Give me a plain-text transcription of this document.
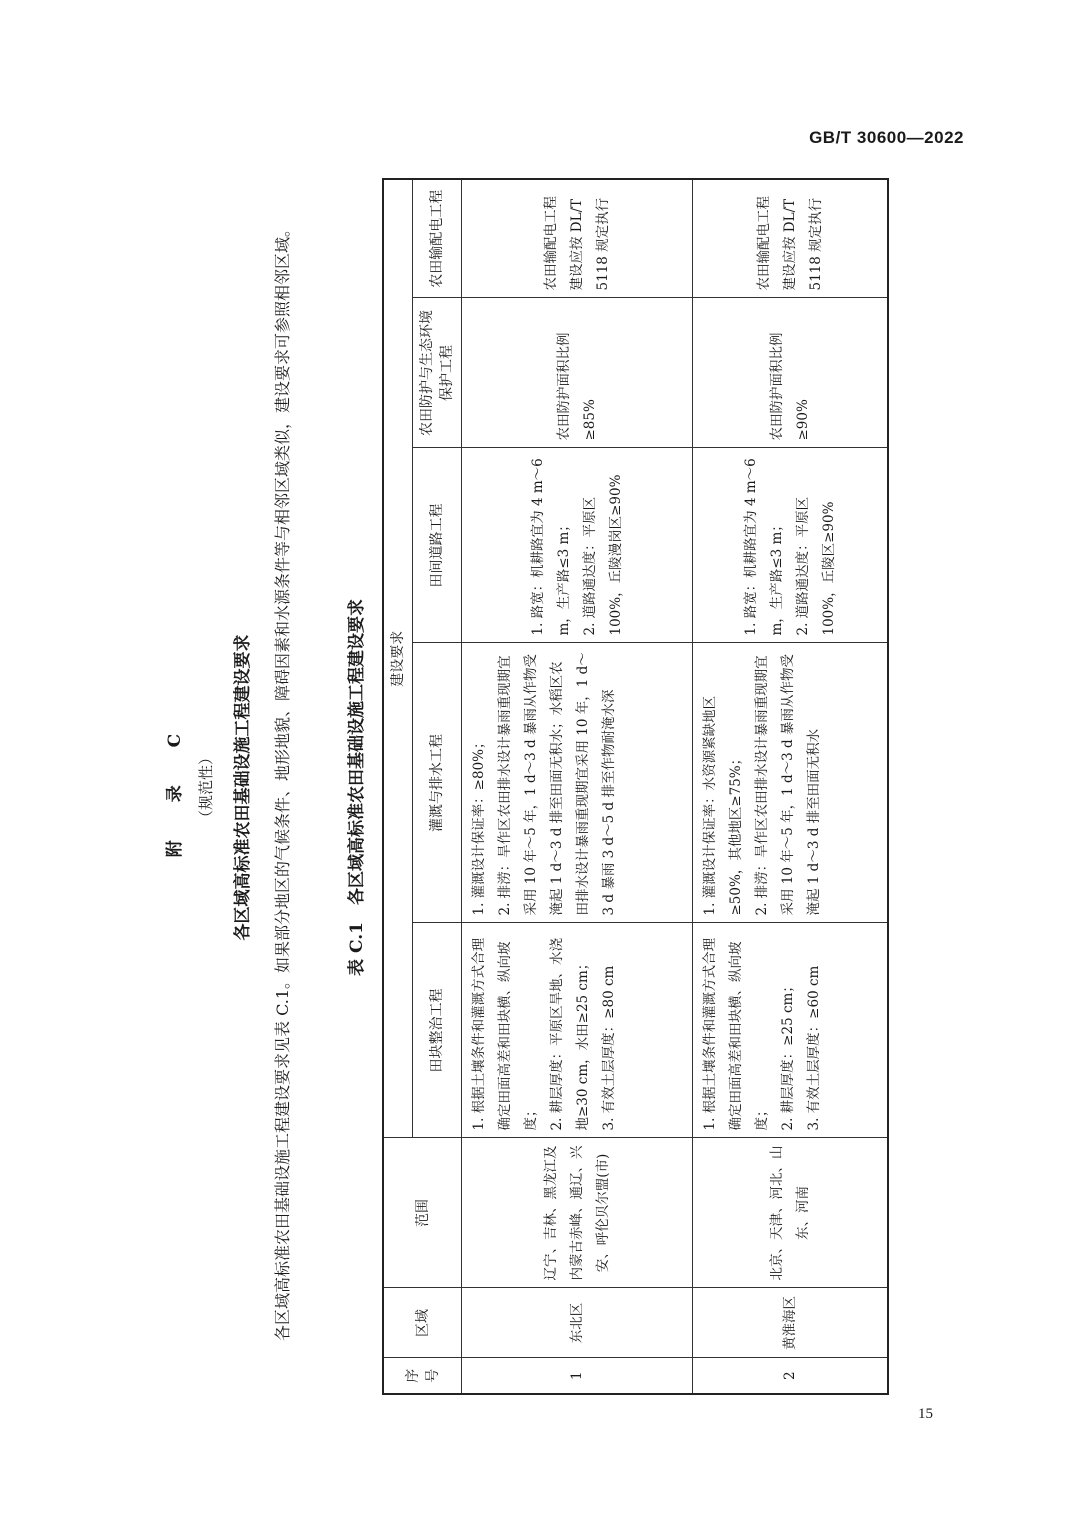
GB/T 30600—2022

各区域高标准农田基础设施工程建设要求见表 C.1。如果部分地区的气候条件、地形地貌、障碍因素和水源条件等与相邻区域类似，建设要求可参照相邻区域。	表 C.1　各区域高标准农田基础设施工程建设要求
序号	区域	范围	建设要求				
			田块整治工程	灌溉与排水工程	田间道路工程	农田防护与生态环境保护工程	农田输配电工程
1	东北区	辽宁、吉林、黑龙江及内蒙古赤峰、通辽、兴安、呼伦贝尔盟(市)	1. 根据土壤条件和灌溉方式合理确定田面高差和田块横、纵向坡度； 2. 耕层厚度：平原区旱地、水浇地≥30 cm，水田≥25 cm； 3. 有效土层厚度：≥80 cm	1. 灌溉设计保证率：≥80%； 2. 排涝：旱作区农田排水设计暴雨重现期宜采用 10 年～5 年，1 d～3 d 暴雨从作物受淹起 1 d～3 d 排至田面无积水；水稻区农田排水设计暴雨重现期宜采用 10 年，1 d～3 d 暴雨 3 d～5 d 排至作物耐淹水深	1. 路宽：机耕路宜为 4 m～6 m，生产路≤3 m； 2. 道路通达度：平原区 100%，丘陵漫岗区≥90%	农田防护面积比例≥85%	农田输配电工程建设应按 DL/T 5118 规定执行

2	黄淮海区	北京、天津、河北、山东、河南	1. 根据土壤条件和灌溉方式合理确定田面高差和田块横、纵向坡度； 2. 耕层厚度：≥25 cm； 3. 有效土层厚度：≥60 cm	1. 灌溉设计保证率：水资源紧缺地区≥50%，其他地区≥75%； 2. 排涝：旱作区农田排水设计暴雨重现期宜采用 10 年～5 年，1 d～3 d 暴雨从作物受淹起 1 d～3 d 排至田面无积水	1. 路宽：机耕路宜为 4 m～6 m，生产路≤3 m； 2. 道路通达度：平原区 100%，丘陵区≥90%	农田防护面积比例≥90%	农田输配电工程建设应按 DL/T 5118 规定执行
附 录 C （规范性） 各区域高标准农田基础设施工程建设要求
15
